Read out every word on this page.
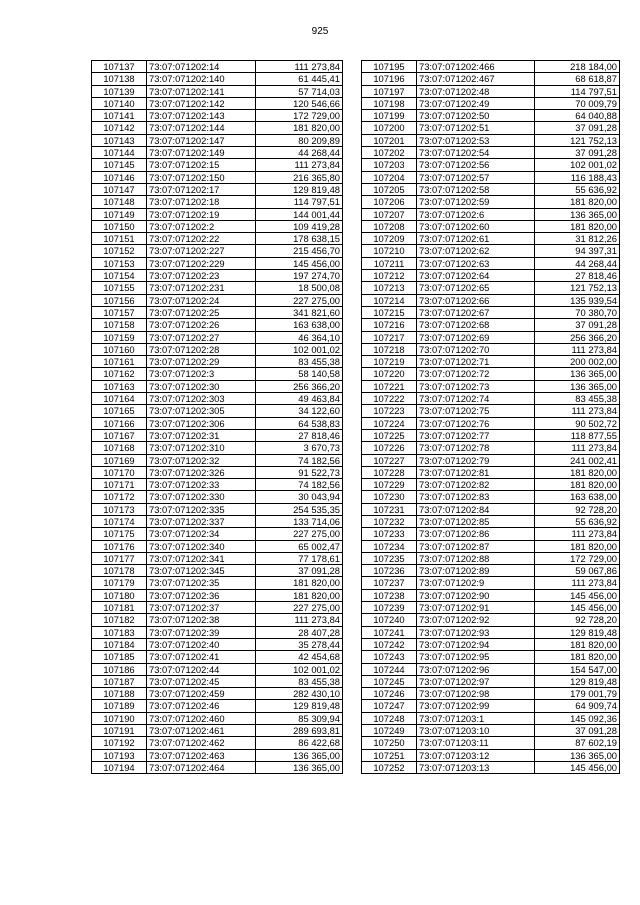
925
107137	73:07:071202:14	111 273,84
107138	73:07:071202:140	61 445,41
107139	73:07:071202:141	57 714,03
107140	73:07:071202:142	120 546,66
107141	73:07:071202:143	172 729,00
107142	73:07:071202:144	181 820,00
107143	73:07:071202:147	80 209,89
107144	73:07:071202:149	44 268,44
107145	73:07:071202:15	111 273,84
107146	73:07:071202:150	216 365,80
107147	73:07:071202:17	129 819,48
107148	73:07:071202:18	114 797,51
107149	73:07:071202:19	144 001,44
107150	73:07:071202:2	109 419,28
107151	73:07:071202:22	178 638,15
107152	73:07:071202:227	215 456,70
107153	73:07:071202:229	145 456,00
107154	73:07:071202:23	197 274,70
107155	73:07:071202:231	18 500,08
107156	73:07:071202:24	227 275,00
107157	73:07:071202:25	341 821,60
107158	73:07:071202:26	163 638,00
107159	73:07:071202:27	46 364,10
107160	73:07:071202:28	102 001,02
107161	73:07:071202:29	83 455,38
107162	73:07:071202:3	58 140,58
107163	73:07:071202:30	256 366,20
107164	73:07:071202:303	49 463,84
107165	73:07:071202:305	34 122,60
107166	73:07:071202:306	64 538,83
107167	73:07:071202:31	27 818,46
107168	73:07:071202:310	3 670,73
107169	73:07:071202:32	74 182,56
107170	73:07:071202:326	91 522,73
107171	73:07:071202:33	74 182,56
107172	73:07:071202:330	30 043,94
107173	73:07:071202:335	254 535,35
107174	73:07:071202:337	133 714,06
107175	73:07:071202:34	227 275,00
107176	73:07:071202:340	65 002,47
107177	73:07:071202:341	77 178,61
107178	73:07:071202:345	37 091,28
107179	73:07:071202:35	181 820,00
107180	73:07:071202:36	181 820,00
107181	73:07:071202:37	227 275,00
107182	73:07:071202:38	111 273,84
107183	73:07:071202:39	28 407,28
107184	73:07:071202:40	35 278,44
107185	73:07:071202:41	42 454,68
107186	73:07:071202:44	102 001,02
107187	73:07:071202:45	83 455,38
107188	73:07:071202:459	282 430,10
107189	73:07:071202:46	129 819,48
107190	73:07:071202:460	85 309,94
107191	73:07:071202:461	289 693,81
107192	73:07:071202:462	86 422,68
107193	73:07:071202:463	136 365,00
107194	73:07:071202:464	136 365,00
107195	73:07:071202:466	218 184,00
107196	73:07:071202:467	68 618,87
107197	73:07:071202:48	114 797,51
107198	73:07:071202:49	70 009,79
107199	73:07:071202:50	64 040,88
107200	73:07:071202:51	37 091,28
107201	73:07:071202:53	121 752,13
107202	73:07:071202:54	37 091,28
107203	73:07:071202:56	102 001,02
107204	73:07:071202:57	116 188,43
107205	73:07:071202:58	55 636,92
107206	73:07:071202:59	181 820,00
107207	73:07:071202:6	136 365,00
107208	73:07:071202:60	181 820,00
107209	73:07:071202:61	31 812,26
107210	73:07:071202:62	94 397,31
107211	73:07:071202:63	44 268,44
107212	73:07:071202:64	27 818,46
107213	73:07:071202:65	121 752,13
107214	73:07:071202:66	135 939,54
107215	73:07:071202:67	70 380,70
107216	73:07:071202:68	37 091,28
107217	73:07:071202:69	256 366,20
107218	73:07:071202:70	111 273,84
107219	73:07:071202:71	200 002,00
107220	73:07:071202:72	136 365,00
107221	73:07:071202:73	136 365,00
107222	73:07:071202:74	83 455,38
107223	73:07:071202:75	111 273,84
107224	73:07:071202:76	90 502,72
107225	73:07:071202:77	118 877,55
107226	73:07:071202:78	111 273,84
107227	73:07:071202:79	241 002,41
107228	73:07:071202:81	181 820,00
107229	73:07:071202:82	181 820,00
107230	73:07:071202:83	163 638,00
107231	73:07:071202:84	92 728,20
107232	73:07:071202:85	55 636,92
107233	73:07:071202:86	111 273,84
107234	73:07:071202:87	181 820,00
107235	73:07:071202:88	172 729,00
107236	73:07:071202:89	59 067,86
107237	73:07:071202:9	111 273,84
107238	73:07:071202:90	145 456,00
107239	73:07:071202:91	145 456,00
107240	73:07:071202:92	92 728,20
107241	73:07:071202:93	129 819,48
107242	73:07:071202:94	181 820,00
107243	73:07:071202:95	181 820,00
107244	73:07:071202:96	154 547,00
107245	73:07:071202:97	129 819,48
107246	73:07:071202:98	179 001,79
107247	73:07:071202:99	64 909,74
107248	73:07:071203:1	145 092,36
107249	73:07:071203:10	37 091,28
107250	73:07:071203:11	87 602,19
107251	73:07:071203:12	136 365,00
107252	73:07:071203:13	145 456,00
